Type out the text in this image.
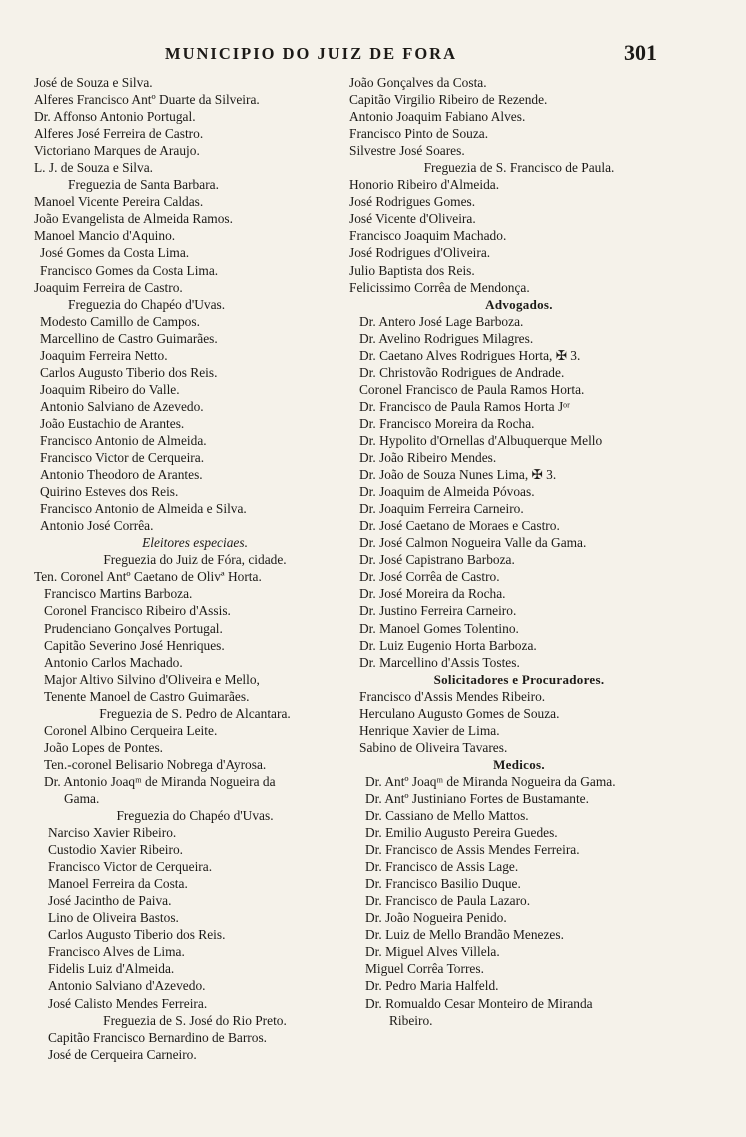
MUNICIPIO DO JUIZ DE FORA	301
José de Souza e Silva.
Alferes Francisco Antº Duarte da Silveira.
Dr. Affonso Antonio Portugal.
Alferes José Ferreira de Castro.
Victoriano Marques de Araujo.
L. J. de Souza e Silva.
Freguezia de Santa Barbara.
Manoel Vicente Pereira Caldas.
João Evangelista de Almeida Ramos.
Manoel Mancio d'Aquino.
José Gomes da Costa Lima.
Francisco Gomes da Costa Lima.
Joaquim Ferreira de Castro.
Freguezia do Chapéo d'Uvas.
Modesto Camillo de Campos.
Marcellino de Castro Guimarães.
Joaquim Ferreira Netto.
Carlos Augusto Tiberio dos Reis.
Joaquim Ribeiro do Valle.
Antonio Salviano de Azevedo.
João Eustachio de Arantes.
Francisco Antonio de Almeida.
Francisco Victor de Cerqueira.
Antonio Theodoro de Arantes.
Quirino Esteves dos Reis.
Francisco Antonio de Almeida e Silva.
Antonio José Corrêa.
Eleitores especiaes.
Freguezia do Juiz de Fóra, cidade.
Ten. Coronel Antº Caetano de Olivª Horta.
Francisco Martins Barboza.
Coronel Francisco Ribeiro d'Assis.
Prudenciano Gonçalves Portugal.
Capitão Severino José Henriques.
Antonio Carlos Machado.
Major Altivo Silvino d'Oliveira e Mello,
Tenente Manoel de Castro Guimarães.
Freguezia de S. Pedro de Alcantara.
Coronel Albino Cerqueira Leite.
João Lopes de Pontes.
Ten.-coronel Belisario Nobrega d'Ayrosa.
Dr. Antonio Joaqᵐ de Miranda Nogueira da
Gama.
Freguezia do Chapéo d'Uvas.
Narciso Xavier Ribeiro.
Custodio Xavier Ribeiro.
Francisco Victor de Cerqueira.
Manoel Ferreira da Costa.
José Jacintho de Paiva.
Lino de Oliveira Bastos.
Carlos Augusto Tiberio dos Reis.
Francisco Alves de Lima.
Fidelis Luiz d'Almeida.
Antonio Salviano d'Azevedo.
José Calisto Mendes Ferreira.
Freguezia de S. José do Rio Preto.
Capitão Francisco Bernardino de Barros.
José de Cerqueira Carneiro.
João Gonçalves da Costa.
Capitão Virgilio Ribeiro de Rezende.
Antonio Joaquim Fabiano Alves.
Francisco Pinto de Souza.
Silvestre José Soares.
Freguezia de S. Francisco de Paula.
Honorio Ribeiro d'Almeida.
José Rodrigues Gomes.
José Vicente d'Oliveira.
Francisco Joaquim Machado.
José Rodrigues d'Oliveira.
Julio Baptista dos Reis.
Felicissimo Corrêa de Mendonça.
Advogados.
Dr. Antero José Lage Barboza.
Dr. Avelino Rodrigues Milagres.
Dr. Caetano Alves Rodrigues Horta, ✠ 3.
Dr. Christovão Rodrigues de Andrade.
Coronel Francisco de Paula Ramos Horta.
Dr. Francisco de Paula Ramos Horta Jᵒʳ
Dr. Francisco Moreira da Rocha.
Dr. Hypolito d'Ornellas d'Albuquerque Mello
Dr. João Ribeiro Mendes.
Dr. João de Souza Nunes Lima, ✠ 3.
Dr. Joaquim de Almeida Póvoas.
Dr. Joaquim Ferreira Carneiro.
Dr. José Caetano de Moraes e Castro.
Dr. José Calmon Nogueira Valle da Gama.
Dr. José Capistrano Barboza.
Dr. José Corrêa de Castro.
Dr. José Moreira da Rocha.
Dr. Justino Ferreira Carneiro.
Dr. Manoel Gomes Tolentino.
Dr. Luiz Eugenio Horta Barboza.
Dr. Marcellino d'Assis Tostes.
Solicitadores e Procuradores.
Francisco d'Assis Mendes Ribeiro.
Herculano Augusto Gomes de Souza.
Henrique Xavier de Lima.
Sabino de Oliveira Tavares.
Medicos.
Dr. Antº Joaqᵐ de Miranda Nogueira da Gama.
Dr. Antº Justiniano Fortes de Bustamante.
Dr. Cassiano de Mello Mattos.
Dr. Emilio Augusto Pereira Guedes.
Dr. Francisco de Assis Mendes Ferreira.
Dr. Francisco de Assis Lage.
Dr. Francisco Basilio Duque.
Dr. Francisco de Paula Lazaro.
Dr. João Nogueira Penido.
Dr. Luiz de Mello Brandão Menezes.
Dr. Miguel Alves Villela.
Miguel Corrêa Torres.
Dr. Pedro Maria Halfeld.
Dr. Romualdo Cesar Monteiro de Miranda
Ribeiro.
